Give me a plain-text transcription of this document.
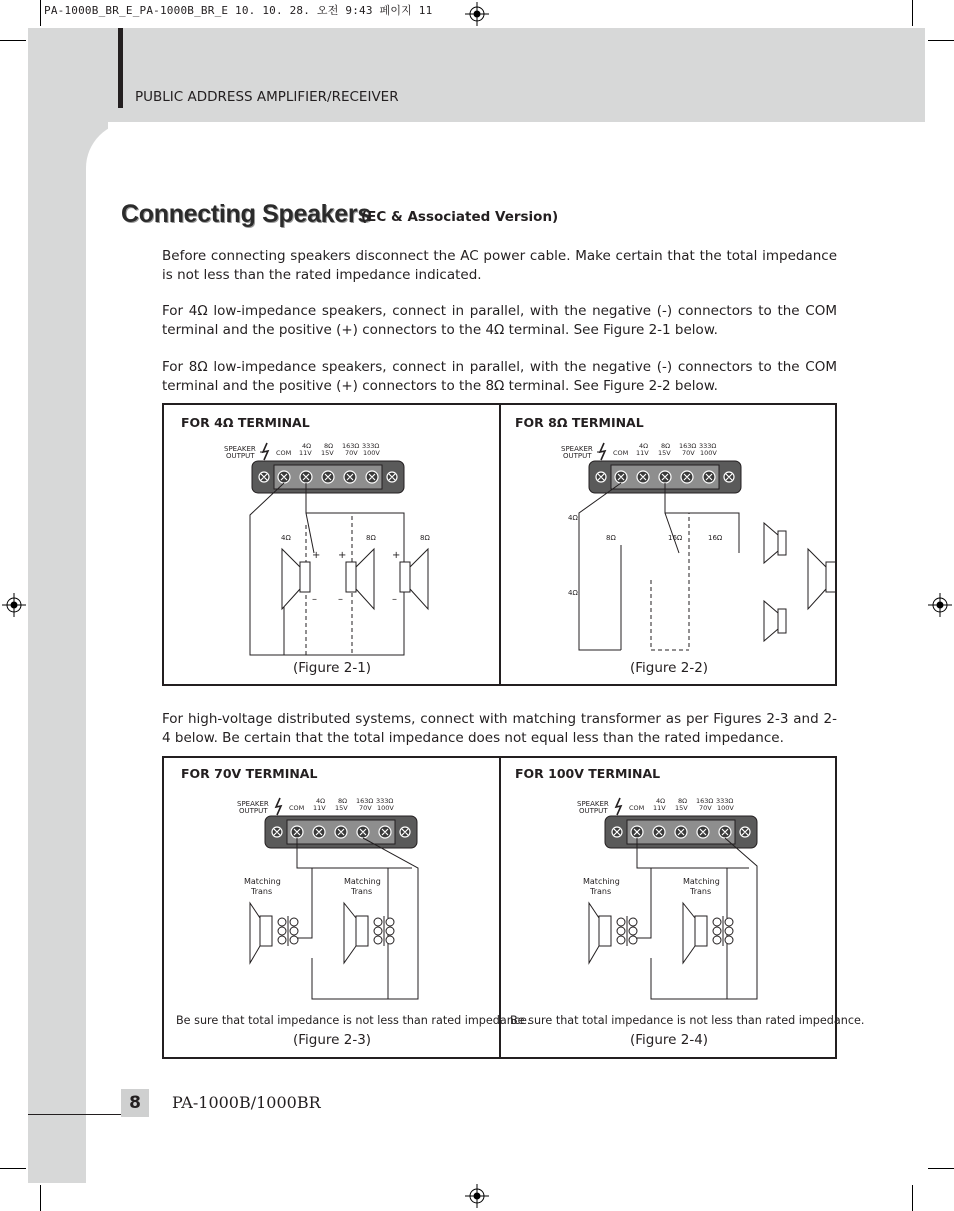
PA-1000B_BR_E_PA-1000B_BR_E 10. 10. 28. 오전 9:43 페이지 11
PUBLIC ADDRESS AMPLIFIER/RECEIVER
Connecting Speakers
(EC & Associated Version)
Before connecting speakers disconnect the AC power cable. Make certain that the total impedance is not less than the rated impedance indicated.
For 4Ω low-impedance speakers, connect in parallel, with the negative (-) connectors to the COM terminal and the positive (+) connectors to the 4Ω terminal. See Figure 2-1 below.
For 8Ω low-impedance speakers, connect in parallel, with the negative (-) connectors to the COM terminal and the positive (+) connectors to the 8Ω terminal. See Figure 2-2 below.
For high-voltage distributed systems, connect with matching transformer as per Figures 2-3 and 2-4 below. Be certain that the total impedance does not equal less than the rated impedance.
FOR 4Ω TERMINAL	FOR 8Ω TERMINAL
SPEAKER
OUTPUT	COM
4Ω
11V
8Ω
15V
163Ω
70V
333Ω
100V
4Ω	8Ω	8Ω
+
–
+
–
+
–
(Figure 2-1)
SPEAKER
OUTPUT	COM
4Ω
11V
8Ω
15V
163Ω
70V
333Ω
100V
4Ω
4Ω
8Ω	16Ω	16Ω
(Figure 2-2)
FOR 70V TERMINAL	FOR 100V TERMINAL
SPEAKER
OUTPUT	COM
4Ω
11V
8Ω
15V
163Ω
70V
333Ω
100V
Matching
Trans
Matching
Trans
Be sure that total impedance is not less than rated impedance.
(Figure 2-3)
SPEAKER
OUTPUT	COM
4Ω
11V
8Ω
15V
163Ω
70V
333Ω
100V
Matching
Trans
Matching
Trans
Be sure that total impedance is not less than rated impedance.
(Figure 2-4)
8	PA-1000B/1000BR
